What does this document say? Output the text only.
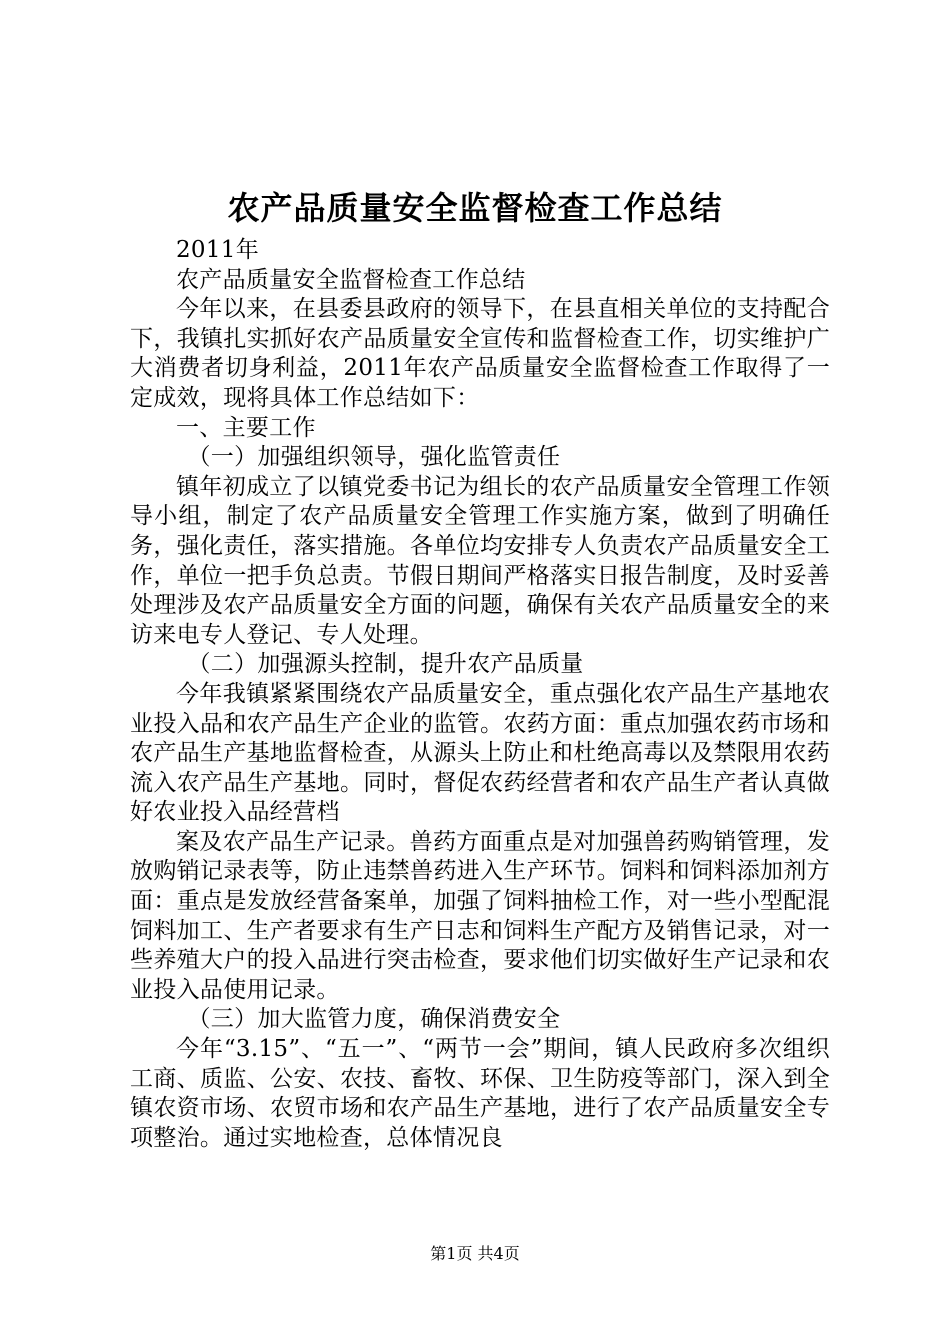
农产品质量安全监督检查工作总结

2011年

农产品质量安全监督检查工作总结

今年以来，在县委县政府的领导下，在县直相关单位的支持配合下，我镇扎实抓好农产品质量安全宣传和监督检查工作，切实维护广大消费者切身利益，2011年农产品质量安全监督检查工作取得了一定成效，现将具体工作总结如下：

一、主要工作

（一）加强组织领导，强化监管责任

镇年初成立了以镇党委书记为组长的农产品质量安全管理工作领导小组，制定了农产品质量安全管理工作实施方案，做到了明确任务，强化责任，落实措施。各单位均安排专人负责农产品质量安全工作，单位一把手负总责。节假日期间严格落实日报告制度，及时妥善处理涉及农产品质量安全方面的问题，确保有关农产品质量安全的来访来电专人登记、专人处理。

（二）加强源头控制，提升农产品质量

今年我镇紧紧围绕农产品质量安全，重点强化农产品生产基地农业投入品和农产品生产企业的监管。农药方面：重点加强农药市场和农产品生产基地监督检查，从源头上防止和杜绝高毒以及禁限用农药流入农产品生产基地。同时，督促农药经营者和农产品生产者认真做好农业投入品经营档

案及农产品生产记录。兽药方面重点是对加强兽药购销管理，发放购销记录表等，防止违禁兽药进入生产环节。饲料和饲料添加剂方面：重点是发放经营备案单，加强了饲料抽检工作，对一些小型配混饲料加工、生产者要求有生产日志和饲料生产配方及销售记录，对一些养殖大户的投入品进行突击检查，要求他们切实做好生产记录和农业投入品使用记录。

（三）加大监管力度，确保消费安全

今年“3.15”、“五一”、“两节一会”期间，镇人民政府多次组织工商、质监、公安、农技、畜牧、环保、卫生防疫等部门，深入到全镇农资市场、农贸市场和农产品生产基地，进行了农产品质量安全专项整治。通过实地检查，总体情况良

第1页 共4页
